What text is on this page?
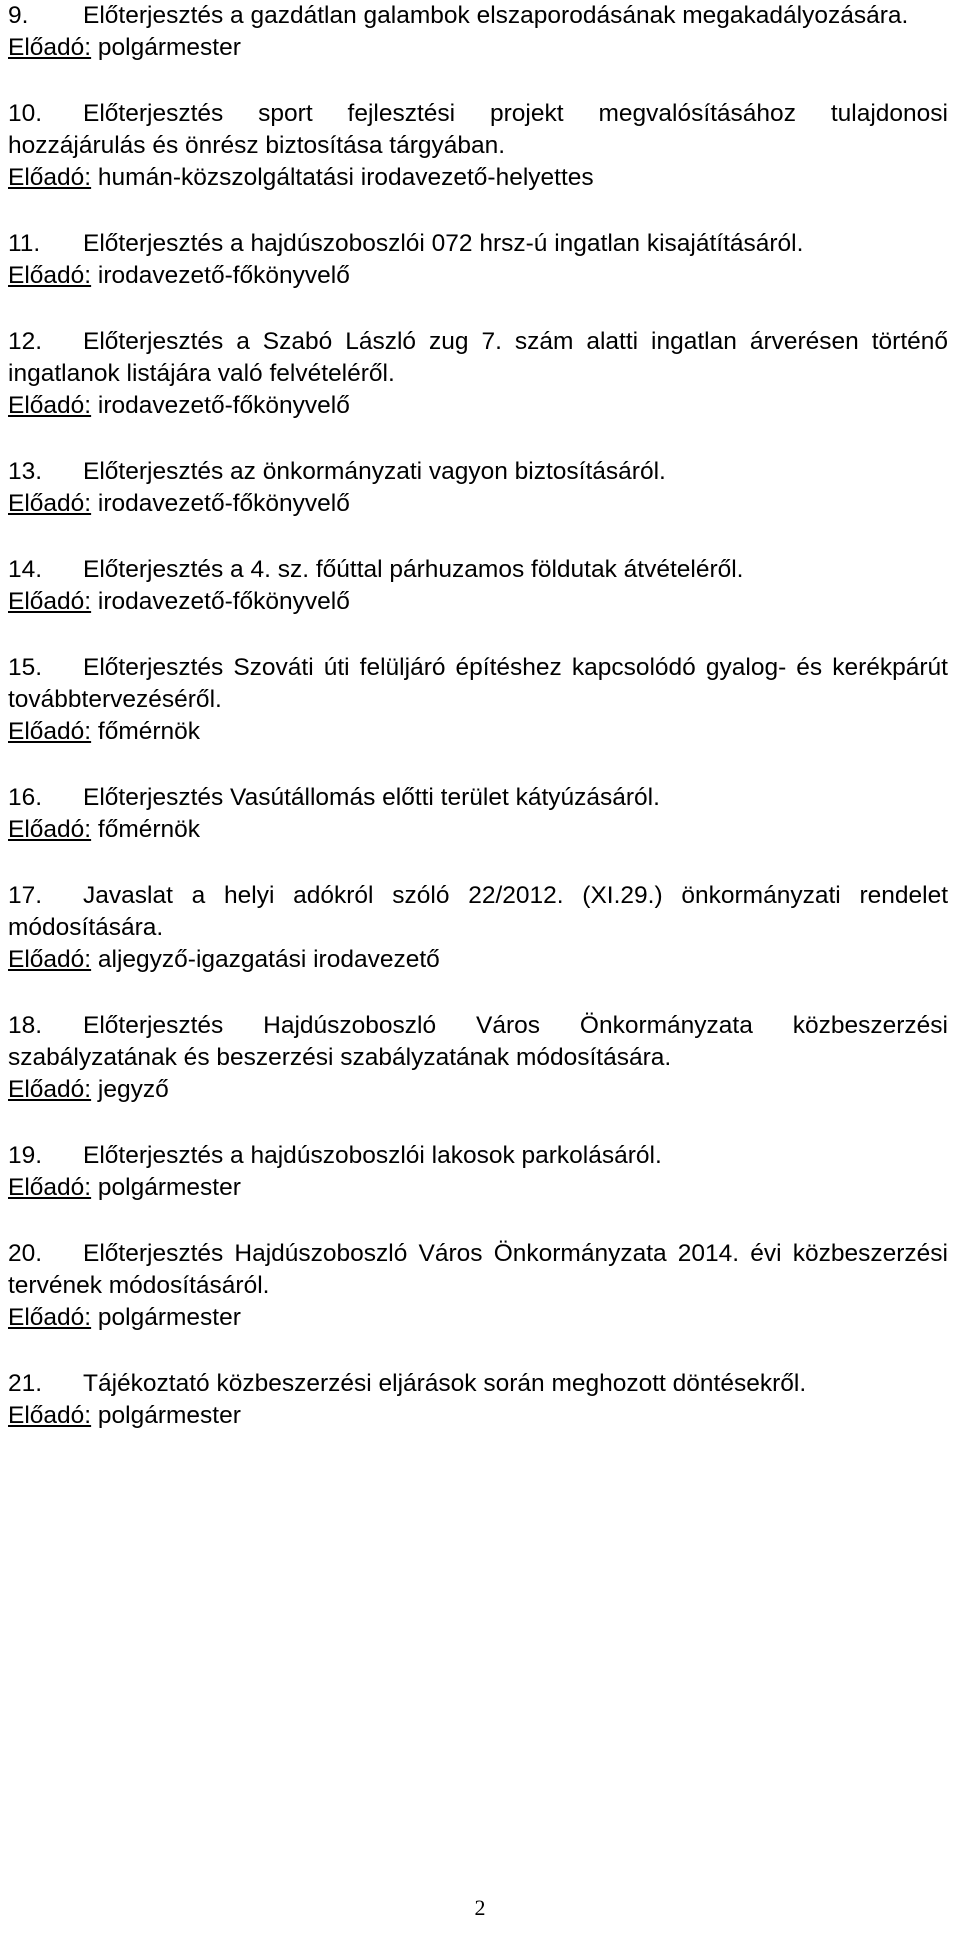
9. Előterjesztés a gazdátlan galambok elszaporodásának megakadályozására.

Előadó: polgármester

10. Előterjesztés sport fejlesztési projekt megvalósításához tulajdonosi hozzájárulás és önrész biztosítása tárgyában.

Előadó: humán-közszolgáltatási irodavezető-helyettes

11. Előterjesztés a hajdúszoboszlói 072 hrsz-ú ingatlan kisajátításáról.

Előadó: irodavezető-főkönyvelő

12. Előterjesztés a Szabó László zug 7. szám alatti ingatlan árverésen történő ingatlanok listájára való felvételéről.

Előadó: irodavezető-főkönyvelő

13. Előterjesztés az önkormányzati vagyon biztosításáról.

Előadó: irodavezető-főkönyvelő

14. Előterjesztés a 4. sz. főúttal párhuzamos földutak átvételéről.

Előadó: irodavezető-főkönyvelő

15. Előterjesztés Szováti úti felüljáró építéshez kapcsolódó gyalog- és kerékpárút továbbtervezéséről.

Előadó: főmérnök

16. Előterjesztés Vasútállomás előtti terület kátyúzásáról.

Előadó: főmérnök

17. Javaslat a helyi adókról szóló 22/2012. (XI.29.) önkormányzati rendelet módosítására.

Előadó: aljegyző-igazgatási irodavezető

18. Előterjesztés Hajdúszoboszló Város Önkormányzata közbeszerzési szabályzatának és beszerzési szabályzatának módosítására.

Előadó: jegyző

19. Előterjesztés a hajdúszoboszlói lakosok parkolásáról.

Előadó: polgármester

20. Előterjesztés Hajdúszoboszló Város Önkormányzata 2014. évi közbeszerzési tervének módosításáról.

Előadó: polgármester

21. Tájékoztató közbeszerzési eljárások során meghozott döntésekről.

Előadó: polgármester

2
